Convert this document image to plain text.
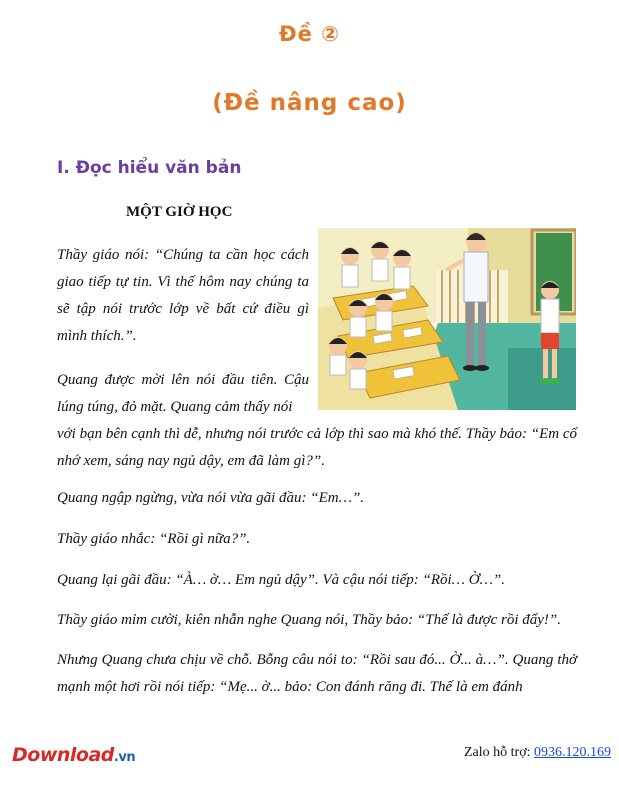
Đề ②
(Đề nâng cao)
I. Đọc hiểu văn bản
MỘT GIỜ HỌC

Thầy giáo nói: “Chúng ta cần học cách giao tiếp tự tin. Vì thế hôm nay chúng ta sẽ tập nói trước lớp về bất cứ điều gì mình thích.”.

Quang được mời lên nói đầu tiên. Cậu lúng túng, đỏ mặt. Quang cảm thấy nói

với bạn bên cạnh thì dễ, nhưng nói trước cả lớp thì sao mà khó thế. Thầy bảo: “Em cố nhớ xem, sáng nay ngủ dậy, em đã làm gì?”.

Quang ngập ngừng, vừa nói vừa gãi đầu: “Em…”.

Thầy giáo nhắc: “Rồi gì nữa?”.

Quang lại gãi đầu: “À… ờ… Em ngủ dậy”. Và cậu nói tiếp: “Rồi… Ờ…”.

Thầy giáo mỉm cười, kiên nhẫn nghe Quang nói, Thầy bảo: “Thế là được rồi đấy!”.

Nhưng Quang chưa chịu về chỗ. Bỗng câu nói to: “Rồi sau đó... Ờ... à…”. Quang thở mạnh một hơi rồi nói tiếp: “Mẹ... ờ... bảo: Con đánh răng đi. Thế là em đánh

Download.vn	Zalo hỗ trợ: 0936.120.169
